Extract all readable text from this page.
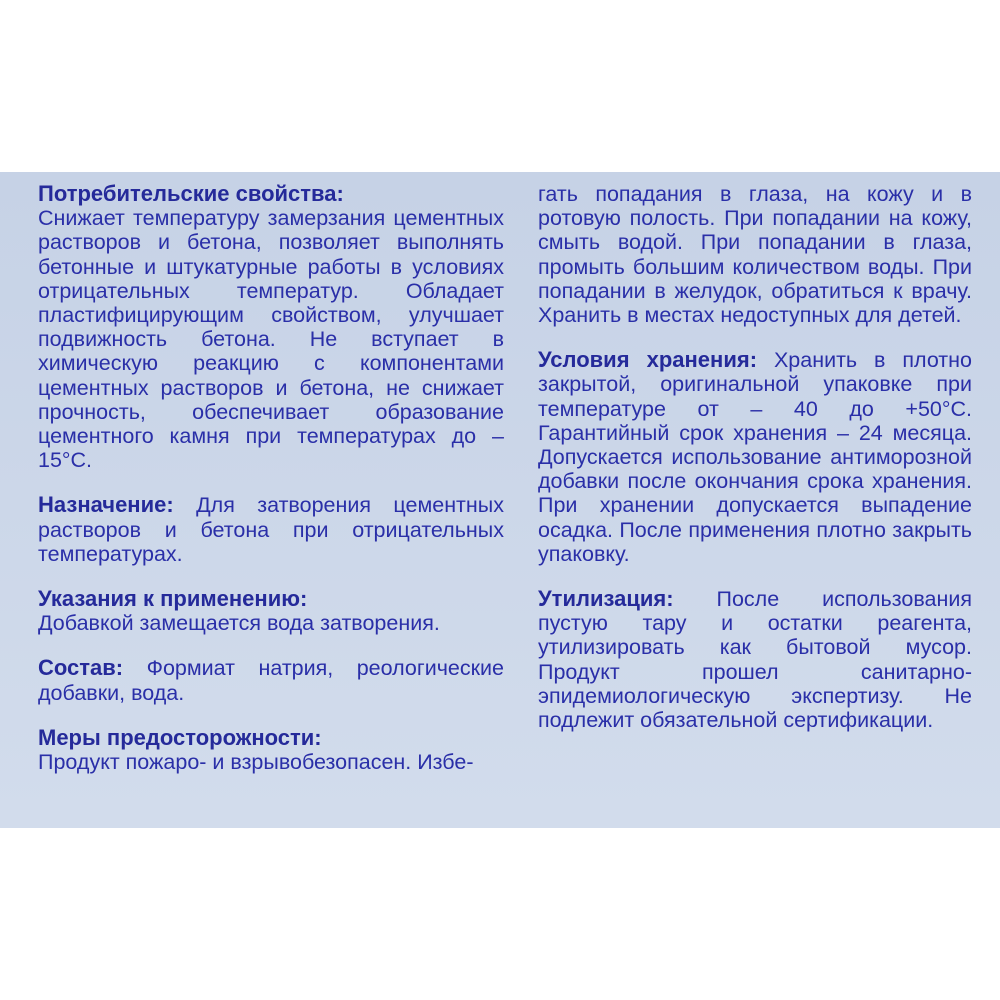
Потребительские свойства:
Снижает температуру замерзания цементных растворов и бетона, позволяет выполнять бетонные и штукатурные работы в условиях отрицательных температур. Обладает пластифицирующим свойством, улучшает подвижность бетона. Не вступает в химическую реакцию с компонентами цементных растворов и бетона, не снижает прочность, обеспечивает образование цементного камня при температурах до –15°С.
Назначение: Для затворения цементных растворов и бетона при отрицательных температурах.
Указания к применению:
Добавкой замещается вода затворения.
Состав: Формиат натрия, реологические добавки, вода.
Меры предосторожности:
Продукт пожаро- и взрывобезопасен. Избе-
гать попадания в глаза, на кожу и в ротовую полость. При попадании на кожу, смыть водой. При попадании в глаза, промыть большим количеством воды. При попадании в желудок, обратиться к врачу. Хранить в местах недоступных для детей.
Условия хранения: Хранить в плотно закрытой, оригинальной упаковке при температуре от – 40 до +50°С. Гарантийный срок хранения – 24 месяца. Допускается использование антиморозной добавки после окончания срока хранения. При хранении допускается выпадение осадка. После применения плотно закрыть упаковку.
Утилизация: После использования пустую тару и остатки реагента, утилизировать как бытовой мусор. Продукт прошел санитарно-эпидемиологическую экспертизу. Не подлежит обязательной сертификации.
